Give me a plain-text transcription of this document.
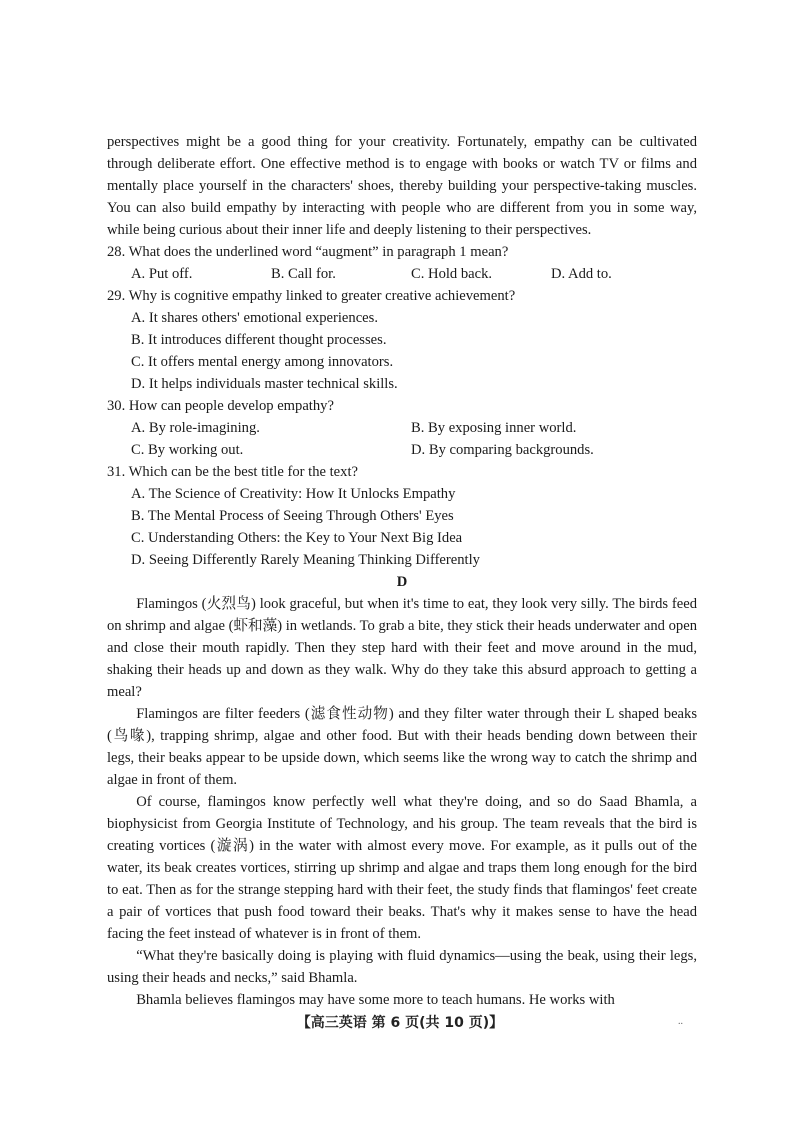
perspectives might be a good thing for your creativity. Fortunately, empathy can be cultivated through deliberate effort. One effective method is to engage with books or watch TV or films and mentally place yourself in the characters' shoes, thereby building your perspective-taking muscles. You can also build empathy by interacting with people who are different from you in some way, while being curious about their inner life and deeply listening to their perspectives.

28. What does the underlined word “augment” in paragraph 1 mean?

A. Put off.	B. Call for.	C. Hold back.	D. Add to.

29. Why is cognitive empathy linked to greater creative achievement?

A. It shares others' emotional experiences.

B. It introduces different thought processes.

C. It offers mental energy among innovators.

D. It helps individuals master technical skills.

30. How can people develop empathy?

A. By role-imagining.	B. By exposing inner world.
C. By working out.	D. By comparing backgrounds.

31. Which can be the best title for the text?

A. The Science of Creativity: How It Unlocks Empathy

B. The Mental Process of Seeing Through Others' Eyes

C. Understanding Others: the Key to Your Next Big Idea

D. Seeing Differently Rarely Meaning Thinking Differently

D

Flamingos (火烈鸟) look graceful, but when it's time to eat, they look very silly. The birds feed on shrimp and algae (虾和藻) in wetlands. To grab a bite, they stick their heads underwater and open and close their mouth rapidly. Then they step hard with their feet and move around in the mud, shaking their heads up and down as they walk. Why do they take this absurd approach to getting a meal?

Flamingos are filter feeders (滤食性动物) and they filter water through their L shaped beaks (鸟喙), trapping shrimp, algae and other food. But with their heads bending down between their legs, their beaks appear to be upside down, which seems like the wrong way to catch the shrimp and algae in front of them.

Of course, flamingos know perfectly well what they're doing, and so do Saad Bhamla, a biophysicist from Georgia Institute of Technology, and his group. The team reveals that the bird is creating vortices (漩涡) in the water with almost every move. For example, as it pulls out of the water, its beak creates vortices, stirring up shrimp and algae and traps them long enough for the bird to eat. Then as for the strange stepping hard with their feet, the study finds that flamingos' feet create a pair of vortices that push food toward their beaks. That's why it makes sense to have the head facing the feet instead of whatever is in front of them.

“What they're basically doing is playing with fluid dynamics—using the beak, using their legs, using their heads and necks,” said Bhamla.

Bhamla believes flamingos may have some more to teach humans. He works with

【高三英语 第 6 页(共 10 页)】	..
